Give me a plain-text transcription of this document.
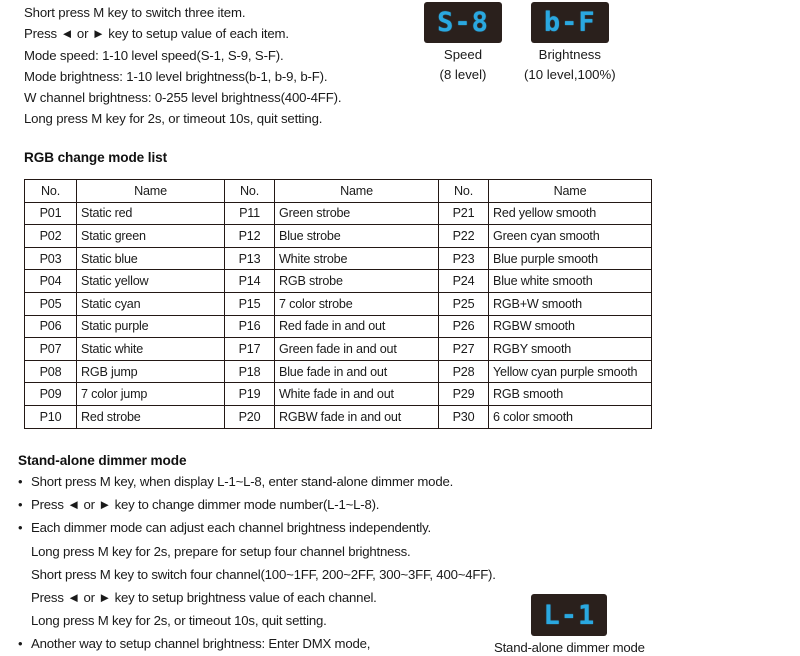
Short press M key to switch three item.
Press ◄ or ► key to setup value of each item.
Mode speed: 1-10 level speed(S-1, S-9, S-F).
Mode brightness: 1-10 level brightness(b-1, b-9, b-F).
W channel brightness: 0-255 level brightness(400-4FF).
Long press M key for 2s, or timeout 10s, quit setting.
S-8
Speed
(8 level)
b-F
Brightness
(10 level,100%)
RGB change mode list
No.	Name	No.	Name	No.	Name
P01	Static red	P11	Green strobe	P21	Red yellow smooth
P02	Static green	P12	Blue strobe	P22	Green cyan smooth
P03	Static blue	P13	White strobe	P23	Blue purple smooth
P04	Static yellow	P14	RGB strobe	P24	Blue white smooth
P05	Static cyan	P15	7 color strobe	P25	RGB+W smooth
P06	Static purple	P16	Red fade in and out	P26	RGBW smooth
P07	Static white	P17	Green fade in and out	P27	RGBY smooth
P08	RGB jump	P18	Blue fade in and out	P28	Yellow cyan purple smooth
P09	7 color jump	P19	White fade in and out	P29	RGB smooth
P10	Red strobe	P20	RGBW fade in and out	P30	6 color smooth
Stand-alone dimmer mode
• Short press M key, when display L-1~L-8, enter stand-alone dimmer mode.
• Press ◄ or ► key to change dimmer mode number(L-1~L-8).
• Each dimmer mode can adjust each channel brightness independently.
Long press M key for 2s, prepare for setup four channel brightness.
Short press M key to switch four channel(100~1FF, 200~2FF, 300~3FF, 400~4FF).
Press ◄ or ► key to setup brightness value of each channel.
Long press M key for 2s, or timeout 10s, quit setting.
• Another way to setup channel brightness: Enter DMX mode,
L-1
Stand-alone dimmer mode
